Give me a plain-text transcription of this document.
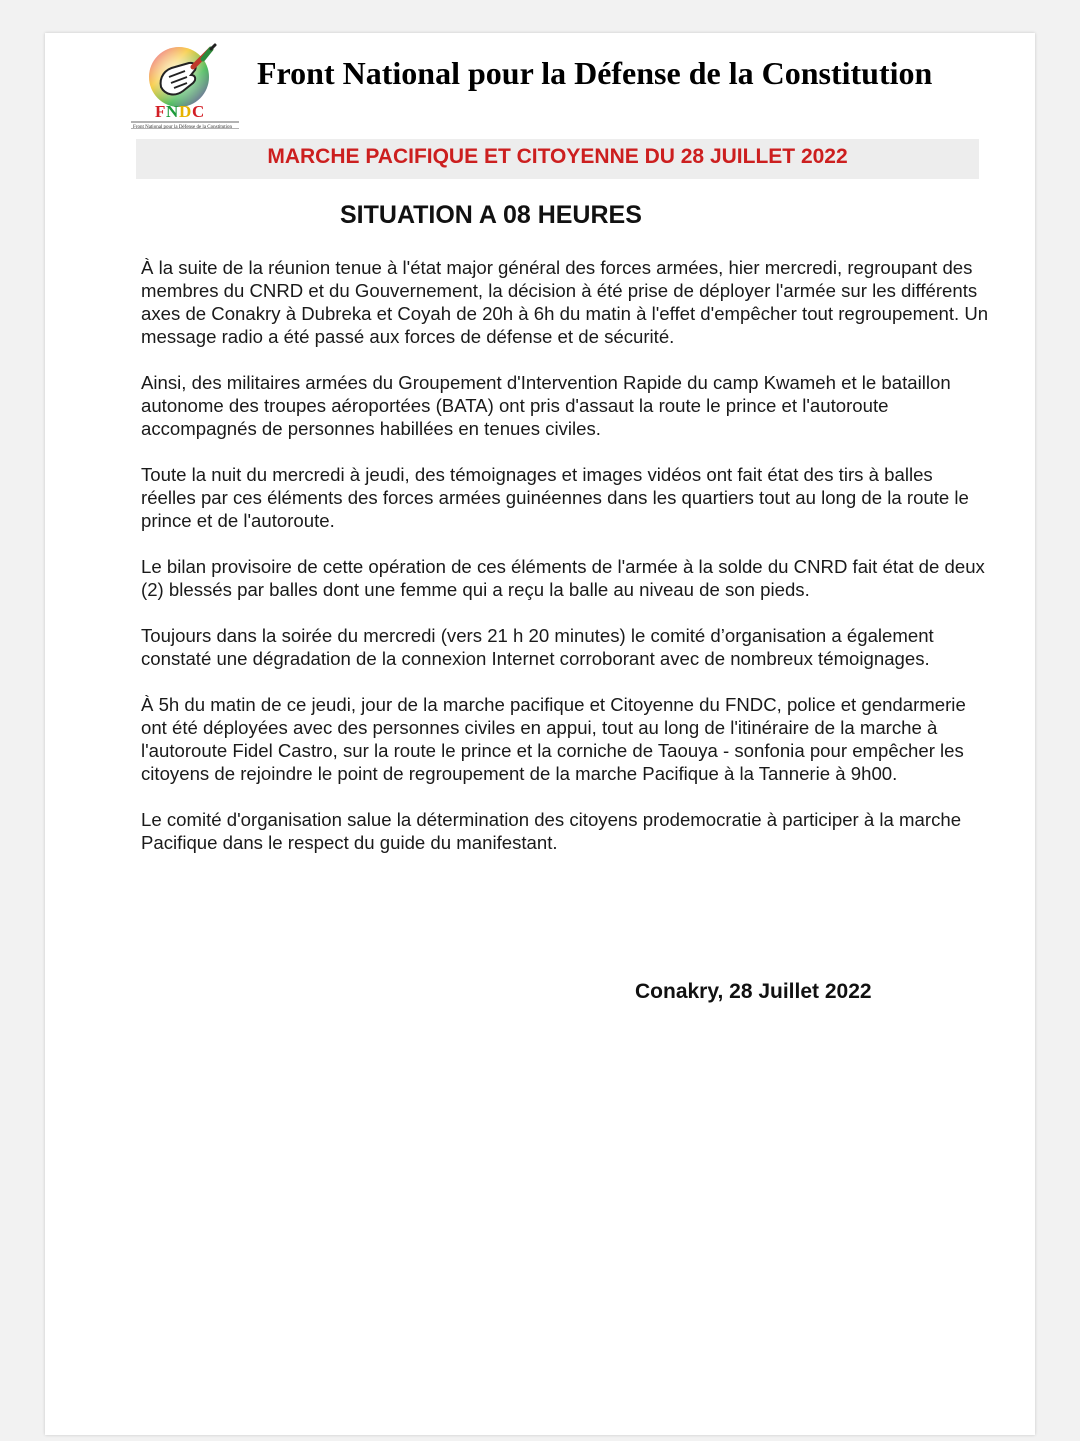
F N D C
Front National pour la Défense de la Constitution
Front National pour la Défense de la Constitution
MARCHE PACIFIQUE ET CITOYENNE DU 28 JUILLET 2022
SITUATION A 08 HEURES

À la suite de la réunion tenue à l'état major général des forces armées, hier mercredi, regroupant des membres du CNRD et du Gouvernement, la décision à été prise de déployer l'armée sur les différents axes de Conakry à Dubreka et Coyah de 20h à 6h du matin à l'effet d'empêcher tout regroupement. Un message radio a été passé aux forces de défense et de sécurité.

Ainsi, des militaires armées du Groupement d'Intervention Rapide du camp Kwameh et le bataillon autonome des troupes aéroportées (BATA) ont pris d'assaut la route le prince et l'autoroute accompagnés de personnes habillées en tenues civiles.

Toute la nuit du mercredi à jeudi, des témoignages et images vidéos ont fait état des tirs à balles réelles par ces éléments des forces armées guinéennes dans les quartiers tout au long de la route le prince et de l'autoroute.

Le bilan provisoire de cette opération de ces éléments de l'armée à la solde du CNRD fait état de deux (2) blessés par balles dont une femme qui a reçu la balle au niveau de son pieds.

Toujours dans la soirée du mercredi (vers 21 h 20 minutes) le comité d’organisation a également constaté une dégradation de la connexion Internet corroborant avec de nombreux témoignages.

À 5h du matin de ce jeudi, jour de la marche pacifique et Citoyenne du FNDC, police et gendarmerie ont été déployées avec des personnes civiles en appui, tout au long de l'itinéraire de la marche à l'autoroute Fidel Castro, sur la route le prince et la corniche de Taouya - sonfonia pour empêcher les citoyens de rejoindre le point de regroupement de la marche Pacifique à la Tannerie à 9h00.

Le comité d'organisation salue la détermination des citoyens prodemocratie à participer à la marche Pacifique dans le respect du guide du manifestant.

Conakry, 28 Juillet 2022
